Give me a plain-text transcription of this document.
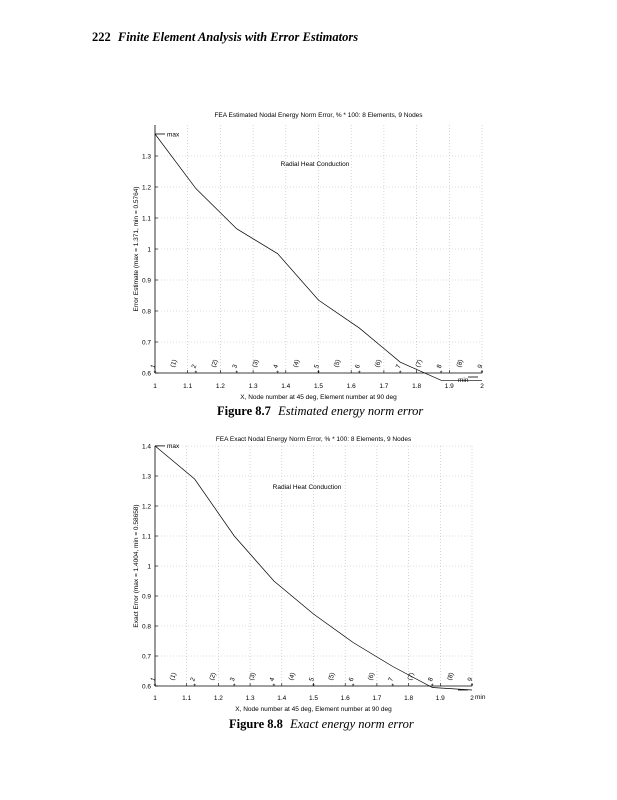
222 Finite Element Analysis with Error Estimators
1	1.1	1.2	1.3	1.4	1.5	1.6	1.7	1.8	1.9	2
0.6
0.7
0.8
0.9
1
1.1
1.2
1.3
FEA Estimated Nodal Energy Norm Error, % * 100: 8 Elements, 9 Nodes
Radial Heat Conduction
X, Node number at 45 deg, Element number at 90 deg
Error Estimate (max = 1.371, min = 0.5764)
max
min
*
1
*
2
*
3
*
4
*
5
*
6
*
7
*
8
*
9
(1)	(2)	(3)	(4)	(5)	(6)	(7)	(8)
Figure 8.7 Estimated energy norm error
1	1.1	1.2	1.3	1.4	1.5	1.6	1.7	1.8	1.9	2
0.6
0.7
0.8
0.9
1
1.1
1.2
1.3
1.4
FEA Exact Nodal Energy Norm Error, % * 100: 8 Elements, 9 Nodes
Radial Heat Conduction
X, Node number at 45 deg, Element number at 90 deg
Exact Error (max = 1.4004, min = 0.58658)
max
min
*
1
*
2
*
3
*
4
*
5
*
6
*
7
*
8
*
9
(1)	(2)	(3)	(4)	(5)	(6)	(7)	(8)
Figure 8.8 Exact energy norm error
